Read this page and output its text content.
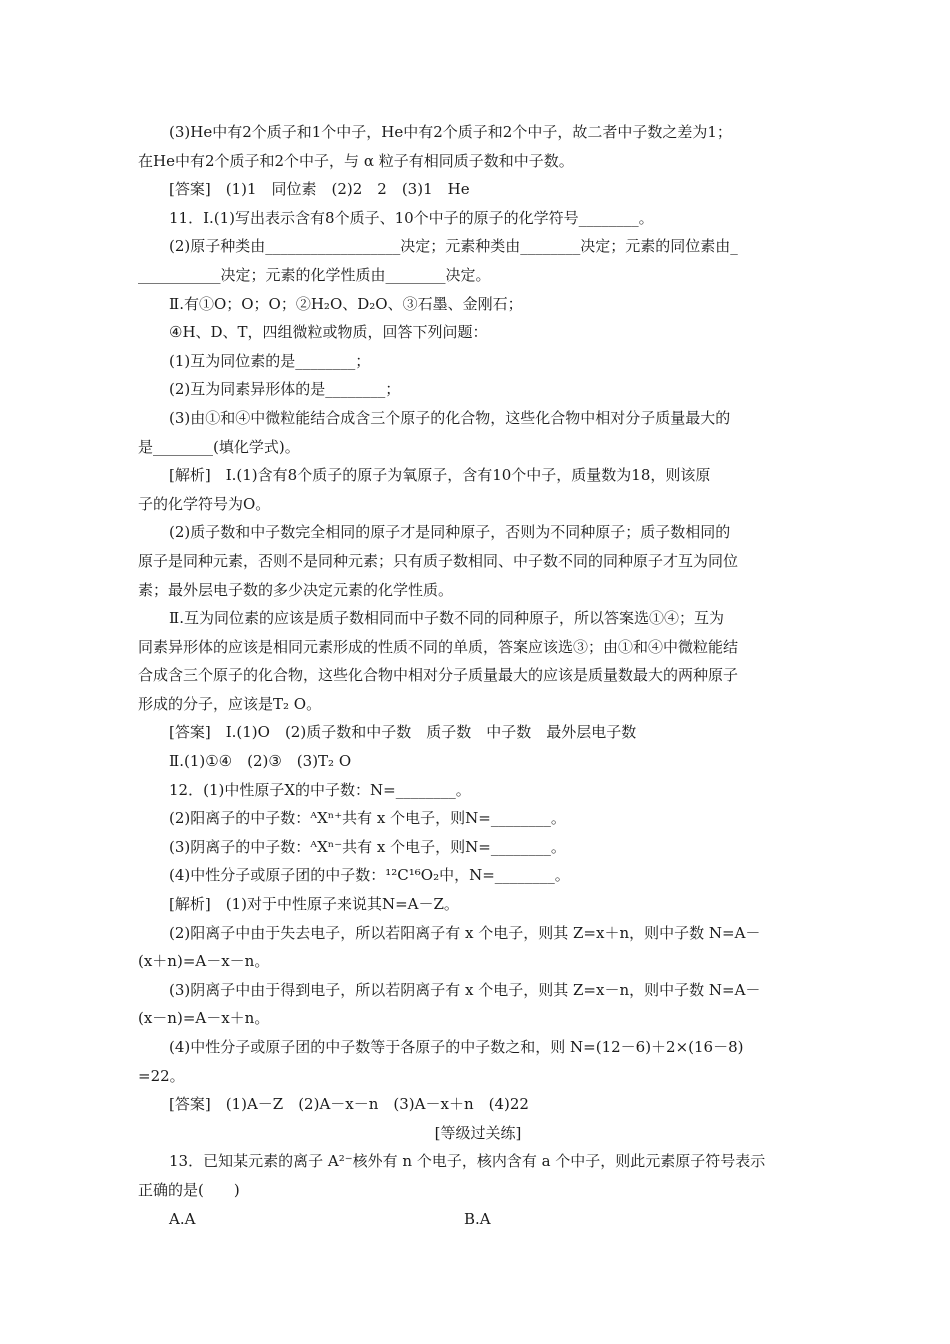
(3)He中有2个质子和1个中子，He中有2个质子和2个中子，故二者中子数之差为1；
在He中有2个质子和2个中子，与 α 粒子有相同质子数和中子数。
[答案]　(1)1　同位素　(2)2　2　(3)1　He
11．Ⅰ.(1)写出表示含有8个质子、10个中子的原子的化学符号________。
(2)原子种类由__________________决定；元素种类由________决定；元素的同位素由_
___________决定；元素的化学性质由________决定。
Ⅱ.有①O；O；O；②H₂O、D₂O、③石墨、金刚石；
④H、D、T，四组微粒或物质，回答下列问题：
(1)互为同位素的是________；
(2)互为同素异形体的是________；
(3)由①和④中微粒能结合成含三个原子的化合物，这些化合物中相对分子质量最大的
是________(填化学式)。
[解析]　Ⅰ.(1)含有8个质子的原子为氧原子，含有10个中子，质量数为18，则该原
子的化学符号为O。
(2)质子数和中子数完全相同的原子才是同种原子，否则为不同种原子；质子数相同的
原子是同种元素，否则不是同种元素；只有质子数相同、中子数不同的同种原子才互为同位
素；最外层电子数的多少决定元素的化学性质。
Ⅱ.互为同位素的应该是质子数相同而中子数不同的同种原子，所以答案选①④；互为
同素异形体的应该是相同元素形成的性质不同的单质，答案应该选③；由①和④中微粒能结
合成含三个原子的化合物，这些化合物中相对分子质量最大的应该是质量数最大的两种原子
形成的分子，应该是T₂ O。
[答案]　Ⅰ.(1)O　(2)质子数和中子数　质子数　中子数　最外层电子数
Ⅱ.(1)①④　(2)③　(3)T₂ O
12．(1)中性原子X的中子数：N=________。
(2)阳离子的中子数：ᴬXⁿ⁺共有 x 个电子，则N=________。
(3)阴离子的中子数：ᴬXⁿ⁻共有 x 个电子，则N=________。
(4)中性分子或原子团的中子数：¹²C¹⁶O₂中，N=________。
[解析]　(1)对于中性原子来说其N=A－Z。
(2)阳离子中由于失去电子，所以若阳离子有 x 个电子，则其 Z=x＋n，则中子数 N=A－
(x＋n)=A－x－n。
(3)阴离子中由于得到电子，所以若阴离子有 x 个电子，则其 Z=x－n，则中子数 N=A－
(x－n)=A－x＋n。
(4)中性分子或原子团的中子数等于各原子的中子数之和，则 N=(12－6)＋2×(16－8)
=22。
[答案]　(1)A－Z　(2)A－x－n　(3)A－x＋n　(4)22
[等级过关练]
13．已知某元素的离子 A²⁻核外有 n 个电子，核内含有 a 个中子，则此元素原子符号表示
正确的是(　　)
A.A	B.A
